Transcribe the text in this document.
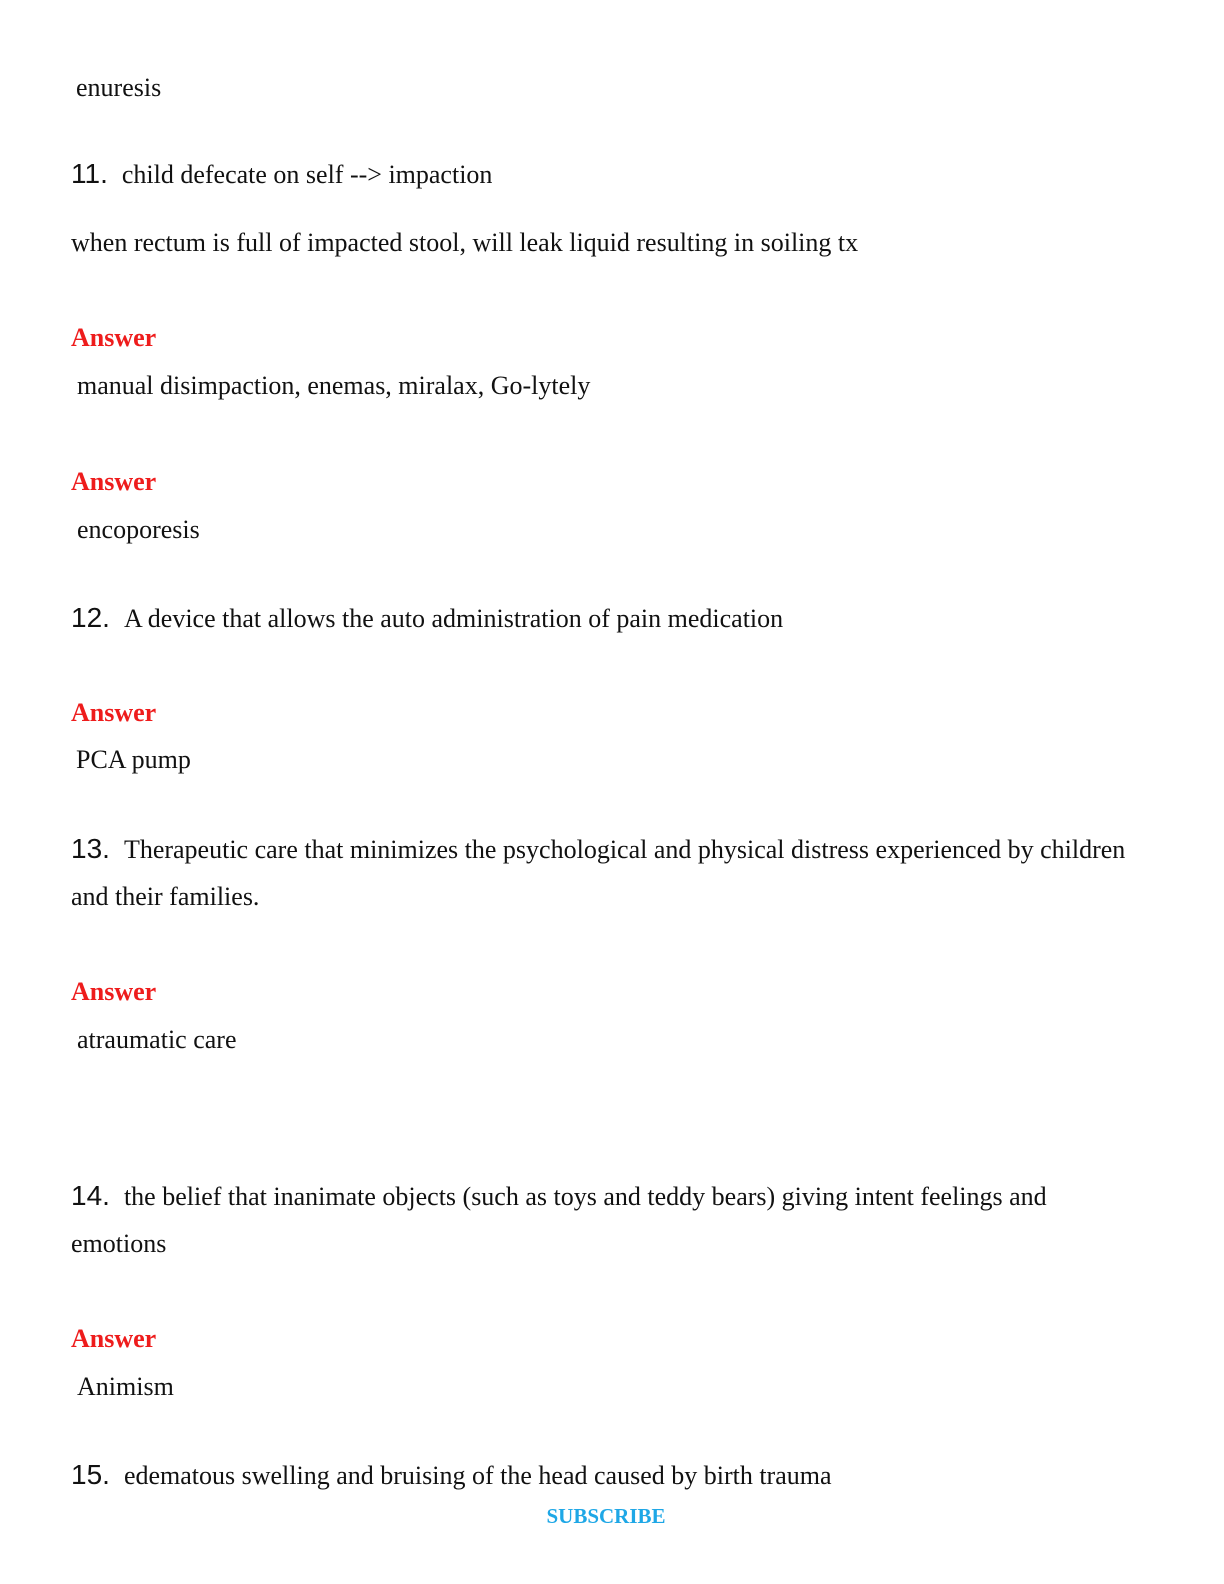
enuresis
11. child defecate on self --> impaction
when rectum is full of impacted stool, will leak liquid resulting in soiling tx
Answer
manual disimpaction, enemas, miralax, Go-lytely
Answer
encoporesis
12. A device that allows the auto administration of pain medication
Answer
PCA pump
13. Therapeutic care that minimizes the psychological and physical distress experienced by children and their families.
Answer
atraumatic care
14. the belief that inanimate objects (such as toys and teddy bears) giving intent feelings and emotions
Answer
Animism
15. edematous swelling and bruising of the head caused by birth trauma
SUBSCRIBE
